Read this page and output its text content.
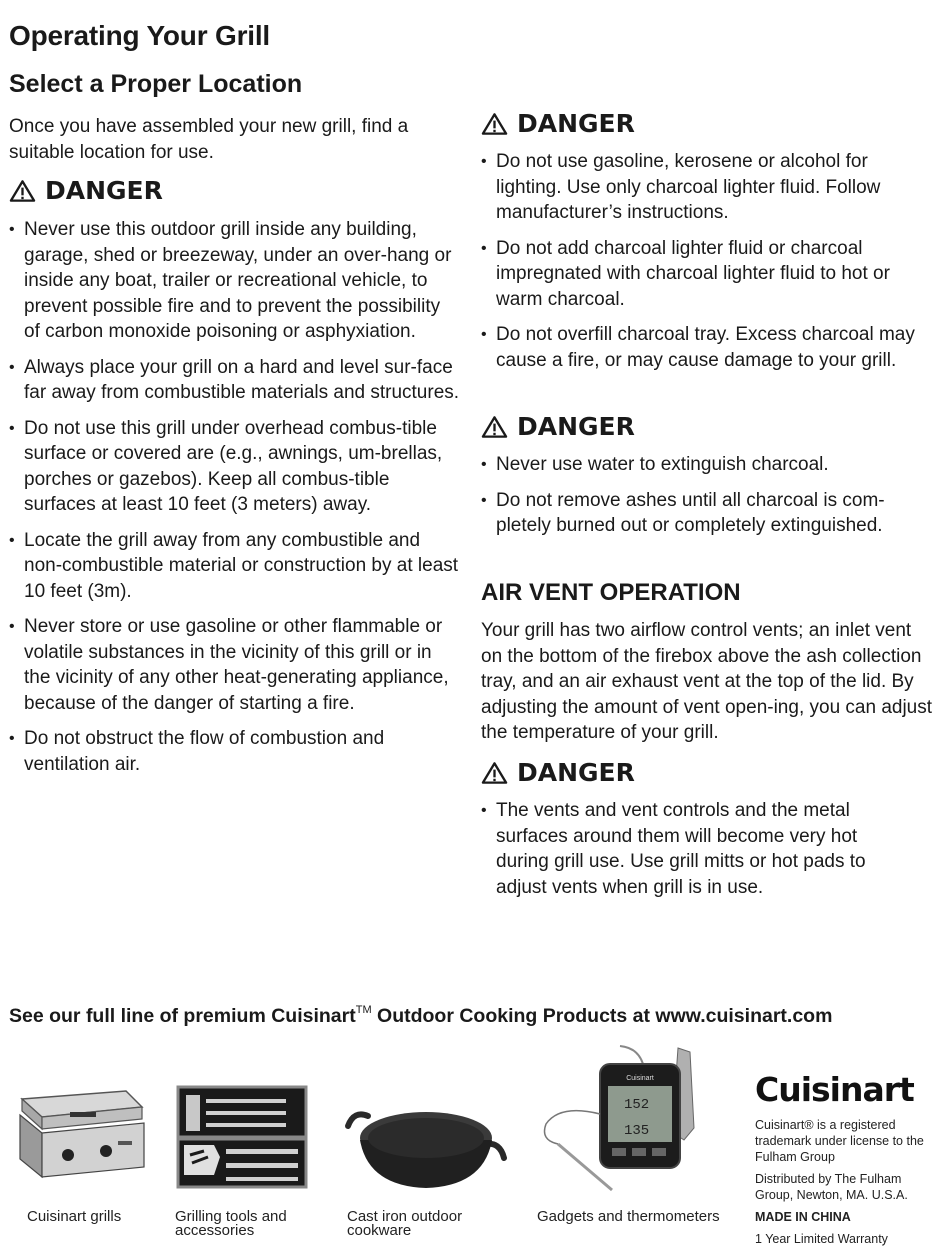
Operating Your Grill
Select a Proper Location

Once you have assembled your new grill, find a suitable location for use.

DANGER
• Never use this outdoor grill inside any building, garage, shed or breezeway, under an over-hang or inside any boat, trailer or recreational vehicle, to prevent possible fire and to prevent the possibility of carbon monoxide poisoning or asphyxiation.
• Always place your grill on a hard and level sur-face far away from combustible materials and structures.
• Do not use this grill under overhead combus-tible surface or covered are (e.g., awnings, um-brellas, porches or gazebos). Keep all combus-tible surfaces at least 10 feet (3 meters) away.
• Locate the grill away from any combustible and non-combustible material or construction by at least 10 feet (3m).
• Never store or use gasoline or other flammable or volatile substances in the vicinity of this grill or in the vicinity of any other heat-generating appliance, because of the danger of starting a fire.
• Do not obstruct the flow of combustion and ventilation air.
DANGER
• Do not use gasoline, kerosene or alcohol for lighting. Use only charcoal lighter fluid. Follow manufacturer’s instructions.
• Do not add charcoal lighter fluid or charcoal impregnated with charcoal lighter fluid to hot or warm charcoal.
• Do not overfill charcoal tray. Excess charcoal may cause a fire, or may cause damage to your grill.
DANGER
• Never use water to extinguish charcoal.
• Do not remove ashes until all charcoal is com-pletely burned out or completely extinguished.
AIR VENT OPERATION

Your grill has two airflow control vents; an inlet vent on the bottom of the firebox above the ash collection tray, and an air exhaust vent at the top of the lid. By adjusting the amount of vent open-ing, you can adjust the temperature of your grill.

DANGER
• The vents and vent controls and the metal surfaces around them will become very hot during grill use. Use grill mitts or hot pads to adjust vents when grill is in use.
See our full line of premium Cuisinart™ Outdoor Cooking Products at www.cuisinart.com
Cuisinart
152
135
Cuisinart grills	Grilling tools and accessories
Cast iron outdoor cookware
Gadgets and thermometers

Cuisinart

Cuisinart® is a registered trademark under license to the Fulham Group

Distributed by The Fulham Group, Newton, MA. U.S.A.

MADE IN CHINA

1 Year Limited Warranty
